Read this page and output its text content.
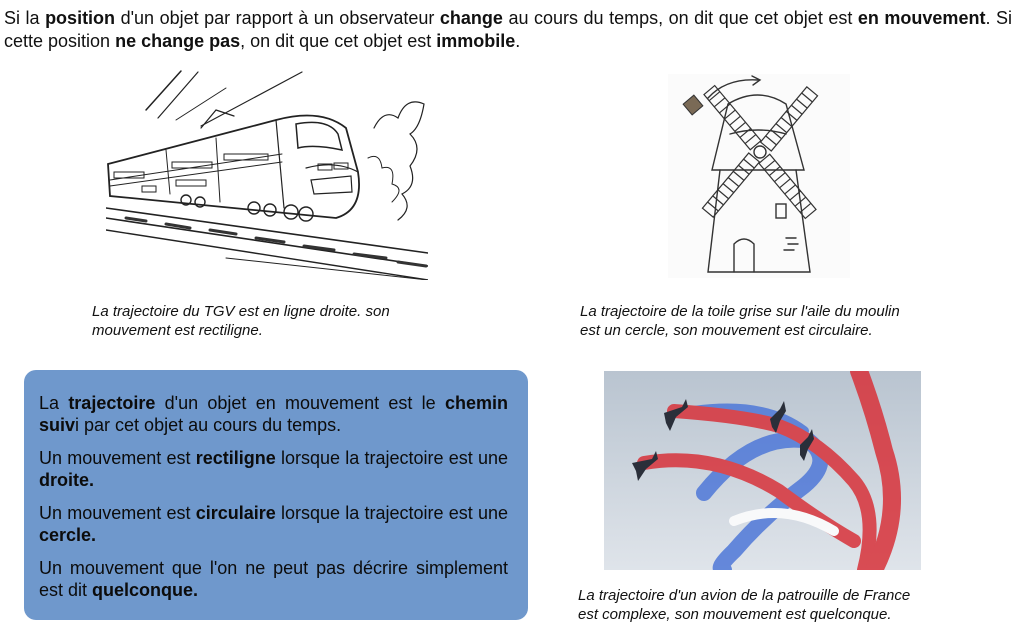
Si la position d'un objet par rapport à un observateur change au cours du temps, on dit que cet objet est en mouvement. Si cette position ne change pas, on dit que cet objet est immobile.

La trajectoire du TGV est en ligne droite. son
mouvement est rectiligne.

La trajectoire de la toile grise sur l'aile du moulin
est un cercle, son mouvement est circulaire.

La trajectoire d'un objet en mouvement est le chemin suivi par cet objet au cours du temps.

Un mouvement est rectiligne lorsque la trajectoire est une droite.

Un mouvement est circulaire lorsque la trajectoire est une cercle.

Un mouvement que l'on ne peut pas décrire simplement est dit quelconque.	La trajectoire d'un avion de la patrouille de France
est complexe, son mouvement est quelconque.
